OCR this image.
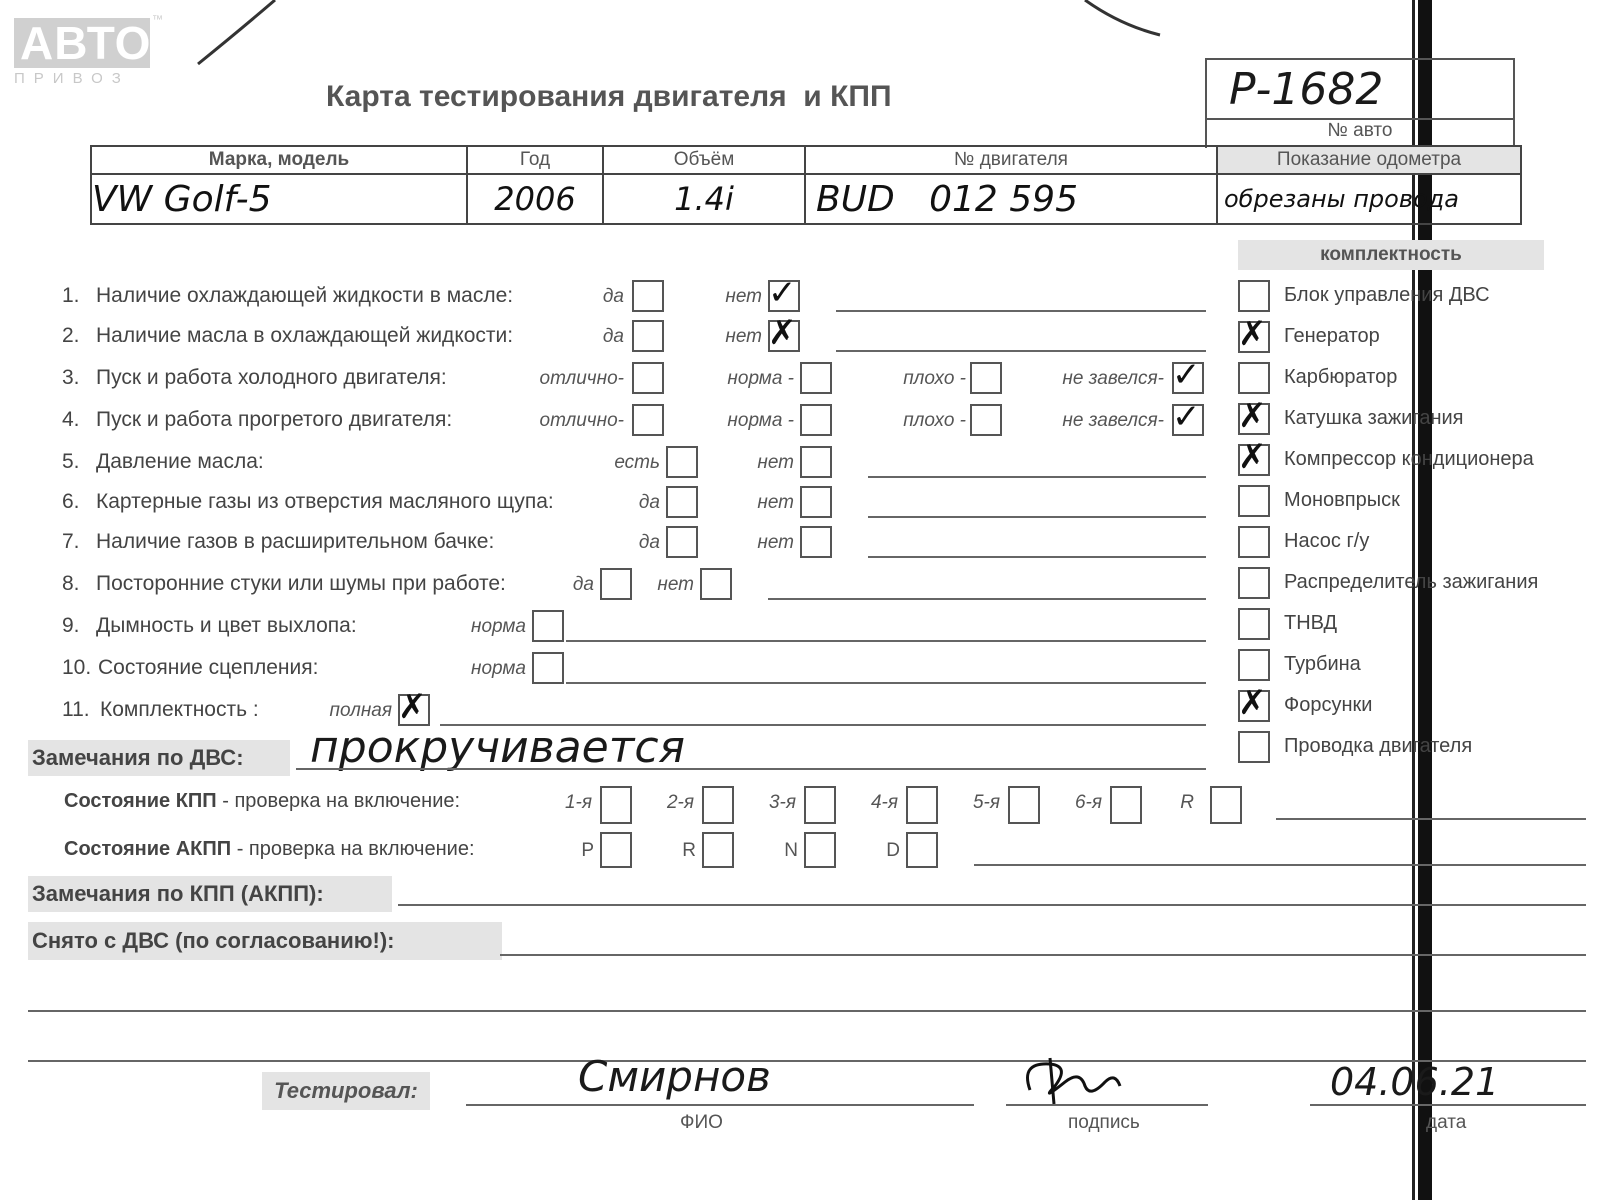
АВТО
ПРИВОЗ
™
Карта тестирования двигателя  и КПП	Р-1682
№ авто
Марка, модель	Год	Объём	№ двигателя	Показание одометра
VW Golf-5	2006	1.4і	BUD   012 595	обрезаны провода
комплектность
1. Наличие охлаждающей жидкости в масле:	да	нет ✓
2. Наличие масла в охлаждающей жидкости:	да	нет ✗
3. Пуск и работа холодного двигателя:	отлично-	норма -	плохо -	не завелся- ✓
4. Пуск и работа прогретого двигателя:	отлично-	норма -	плохо -	не завелся- ✓
5. Давление масла:	есть	нет
6. Картерные газы из отверстия масляного щупа:	да	нет
7. Наличие газов в расширительном бачке:	да	нет
8. Посторонние стуки или шумы при работе:	да	нет
9. Дымность и цвет выхлопа:	норма
10. Состояние сцепления:	норма
11. Комплектность :	полная ✗
Блок управления ДВС
✗ Генератор
Карбюратор
✗ Катушка зажигания
✗ Компрессор кондиционера
Моновпрыск
Насос г/у
Распределитель зажигания
ТНВД
Турбина
✗ Форсунки
Проводка двигателя
Замечания по ДВС:	прокручивается
Состояние КПП - проверка на включение:	1-я	2-я	3-я	4-я	5-я	6-я	R
Состояние АКПП - проверка на включение:	P	R	N	D
Замечания по КПП (АКПП):
Снято с ДВС (по согласованию!):
Тестировал:	Смирнов
ФИО	подпись
04.06.21
дата
